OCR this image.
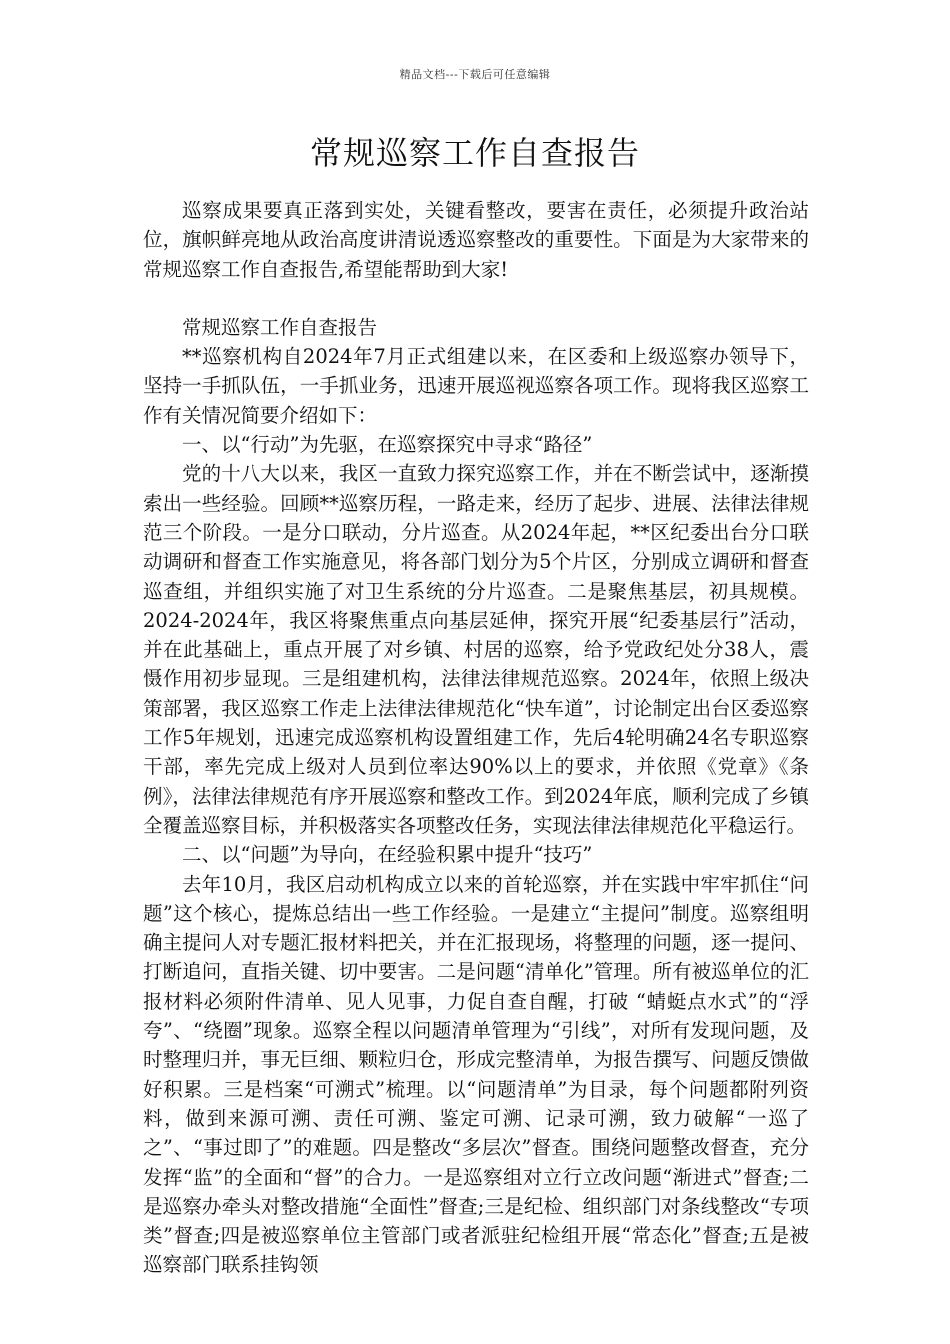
精品文档---下载后可任意编辑
常规巡察工作自查报告

巡察成果要真正落到实处，关键看整改，要害在责任，必须提升政治站位，旗帜鲜亮地从政治高度讲清说透巡察整改的重要性。下面是为大家带来的常规巡察工作自查报告,希望能帮助到大家!

常规巡察工作自查报告

**巡察机构自2024年7月正式组建以来，在区委和上级巡察办领导下，坚持一手抓队伍，一手抓业务，迅速开展巡视巡察各项工作。现将我区巡察工作有关情况简要介绍如下：

一、以“行动”为先驱，在巡察探究中寻求“路径”

党的十八大以来，我区一直致力探究巡察工作，并在不断尝试中，逐渐摸索出一些经验。回顾**巡察历程，一路走来，经历了起步、进展、法律法律规范三个阶段。一是分口联动，分片巡查。从2024年起，**区纪委出台分口联动调研和督查工作实施意见，将各部门划分为5个片区，分别成立调研和督查巡查组，并组织实施了对卫生系统的分片巡查。二是聚焦基层，初具规模。2024-2024年，我区将聚焦重点向基层延伸，探究开展“纪委基层行”活动，并在此基础上，重点开展了对乡镇、村居的巡察，给予党政纪处分38人，震慑作用初步显现。三是组建机构，法律法律规范巡察。2024年，依照上级决策部署，我区巡察工作走上法律法律规范化“快车道”，讨论制定出台区委巡察工作5年规划，迅速完成巡察机构设置组建工作，先后4轮明确24名专职巡察干部，率先完成上级对人员到位率达90%以上的要求，并依照《党章》《条例》，法律法律规范有序开展巡察和整改工作。到2024年底，顺利完成了乡镇全覆盖巡察目标，并积极落实各项整改任务，实现法律法律规范化平稳运行。

二、以“问题”为导向，在经验积累中提升“技巧”

去年10月，我区启动机构成立以来的首轮巡察，并在实践中牢牢抓住“问题”这个核心，提炼总结出一些工作经验。一是建立“主提问”制度。巡察组明确主提问人对专题汇报材料把关，并在汇报现场，将整理的问题，逐一提问、打断追问，直指关键、切中要害。二是问题“清单化”管理。所有被巡单位的汇报材料必须附件清单、见人见事，力促自查自醒，打破 “蜻蜓点水式”的“浮夸”、“绕圈”现象。巡察全程以问题清单管理为“引线”，对所有发现问题，及时整理归并，事无巨细、颗粒归仓，形成完整清单，为报告撰写、问题反馈做好积累。三是档案“可溯式”梳理。以“问题清单”为目录，每个问题都附列资料，做到来源可溯、责任可溯、鉴定可溯、记录可溯，致力破解“一巡了之”、“事过即了”的难题。四是整改“多层次”督查。围绕问题整改督查，充分发挥“监”的全面和“督”的合力。一是巡察组对立行立改问题“渐进式”督查;二是巡察办牵头对整改措施“全面性”督查;三是纪检、组织部门对条线整改“专项类”督查;四是被巡察单位主管部门或者派驻纪检组开展“常态化”督查;五是被巡察部门联系挂钩领
